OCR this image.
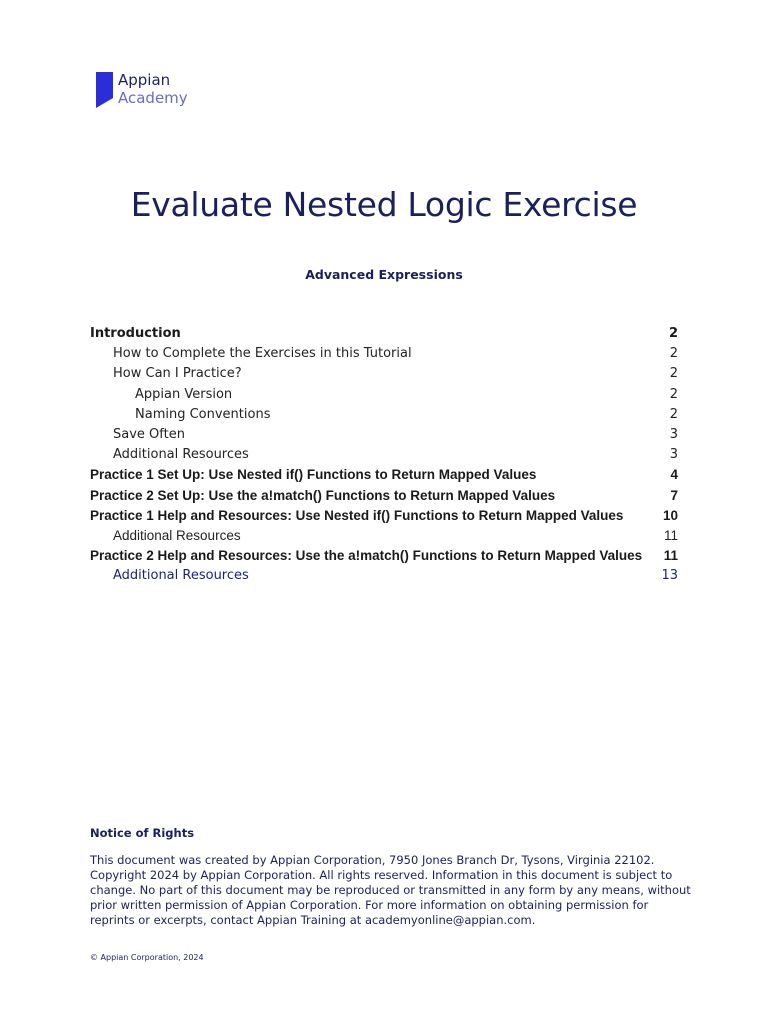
Appian
Academy
Evaluate Nested Logic Exercise
Advanced Expressions
Introduction	2
How to Complete the Exercises in this Tutorial	2
How Can I Practice?	2
Appian Version	2
Naming Conventions	2
Save Often	3
Additional Resources	3
Practice 1 Set Up: Use Nested if() Functions to Return Mapped Values	4
Practice 2 Set Up: Use the a!match() Functions to Return Mapped Values	7
Practice 1 Help and Resources: Use Nested if() Functions to Return Mapped Values	10
Additional Resources	11
Practice 2 Help and Resources: Use the a!match() Functions to Return Mapped Values 11
Additional Resources	13
Notice of Rights
This document was created by Appian Corporation, 7950 Jones Branch Dr, Tysons, Virginia 22102.
Copyright 2024 by Appian Corporation. All rights reserved. Information in this document is subject to
change. No part of this document may be reproduced or transmitted in any form by any means, without
prior written permission of Appian Corporation. For more information on obtaining permission for
reprints or excerpts, contact Appian Training at academyonline@appian.com.
© Appian Corporation, 2024
